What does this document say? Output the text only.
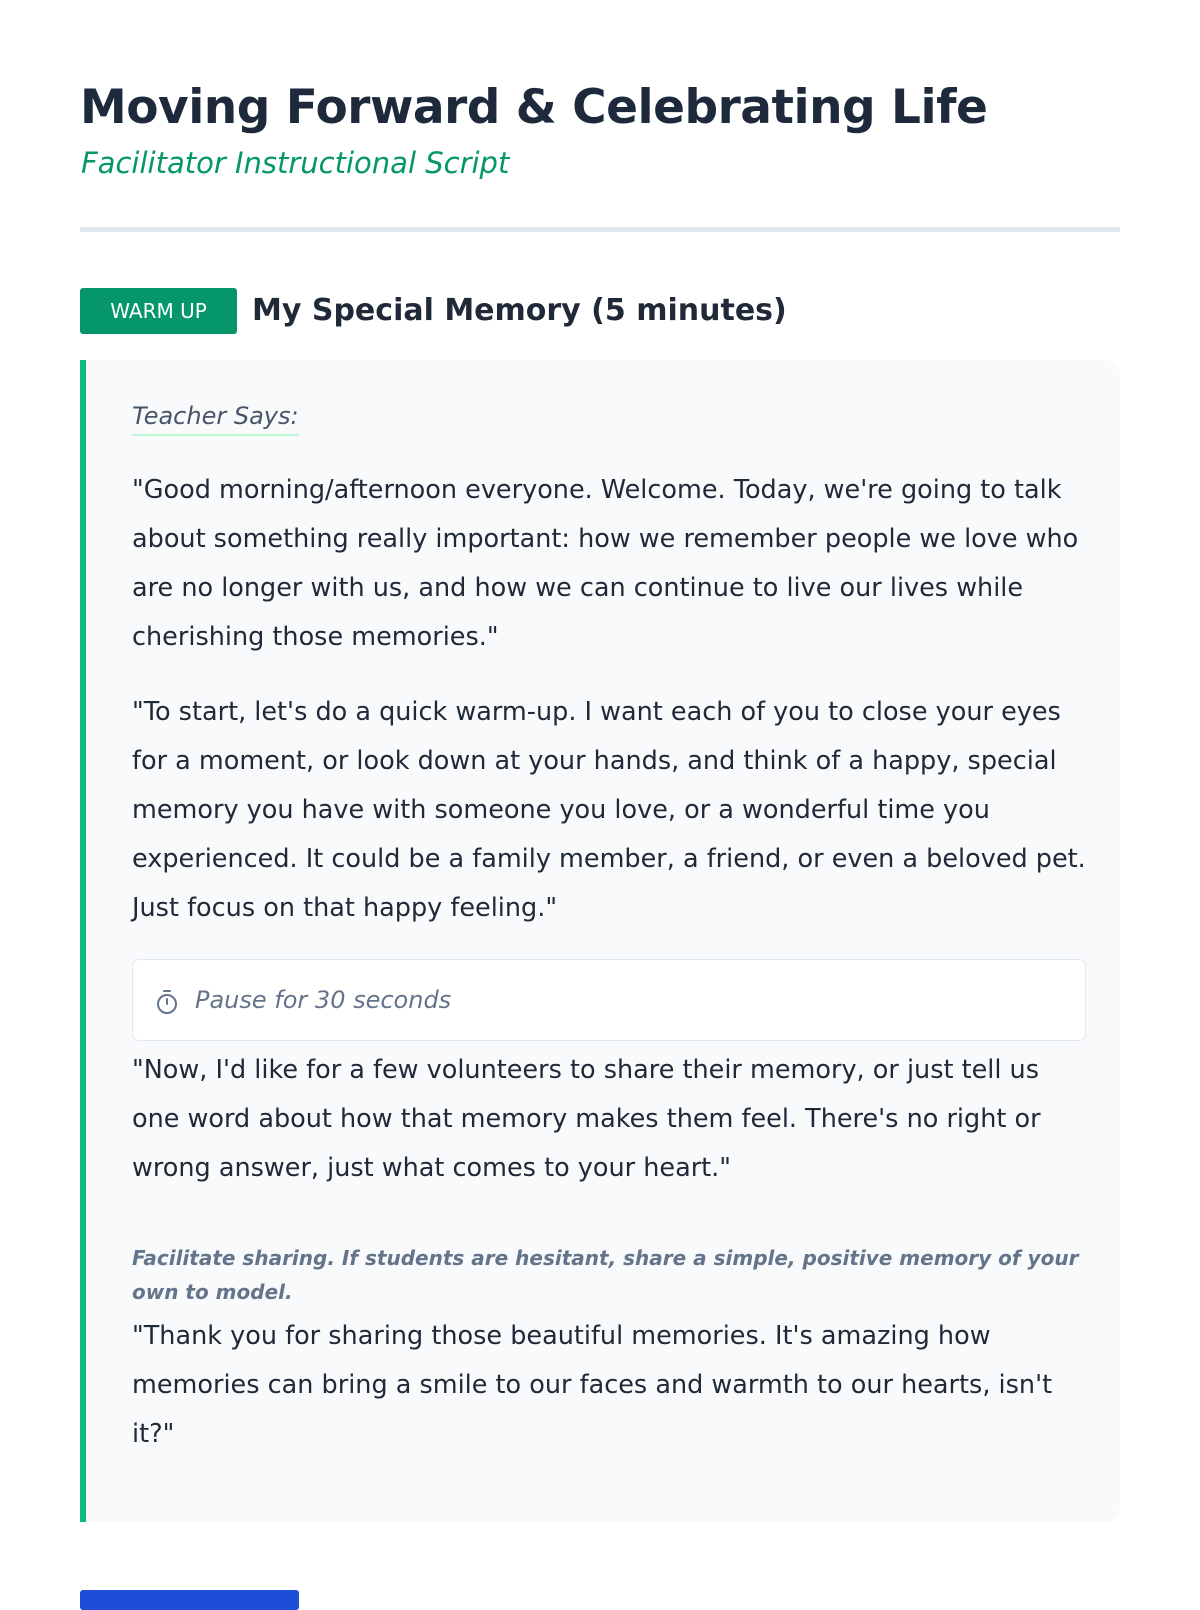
Moving Forward & Celebrating Life
Facilitator Instructional Script
WARM UP	My Special Memory (5 minutes)
Teacher Says:

"Good morning/afternoon everyone. Welcome. Today, we're going to talk about something really important: how we remember people we love who are no longer with us, and how we can continue to live our lives while cherishing those memories."

"To start, let's do a quick warm-up. I want each of you to close your eyes for a moment, or look down at your hands, and think of a happy, special memory you have with someone you love, or a wonderful time you experienced. It could be a family member, a friend, or even a beloved pet. Just focus on that happy feeling."

Pause for 30 seconds

"Now, I'd like for a few volunteers to share their memory, or just tell us one word about how that memory makes them feel. There's no right or wrong answer, just what comes to your heart."

Facilitate sharing. If students are hesitant, share a simple, positive memory of your own to model.

"Thank you for sharing those beautiful memories. It's amazing how memories can bring a smile to our faces and warmth to our hearts, isn't it?"
